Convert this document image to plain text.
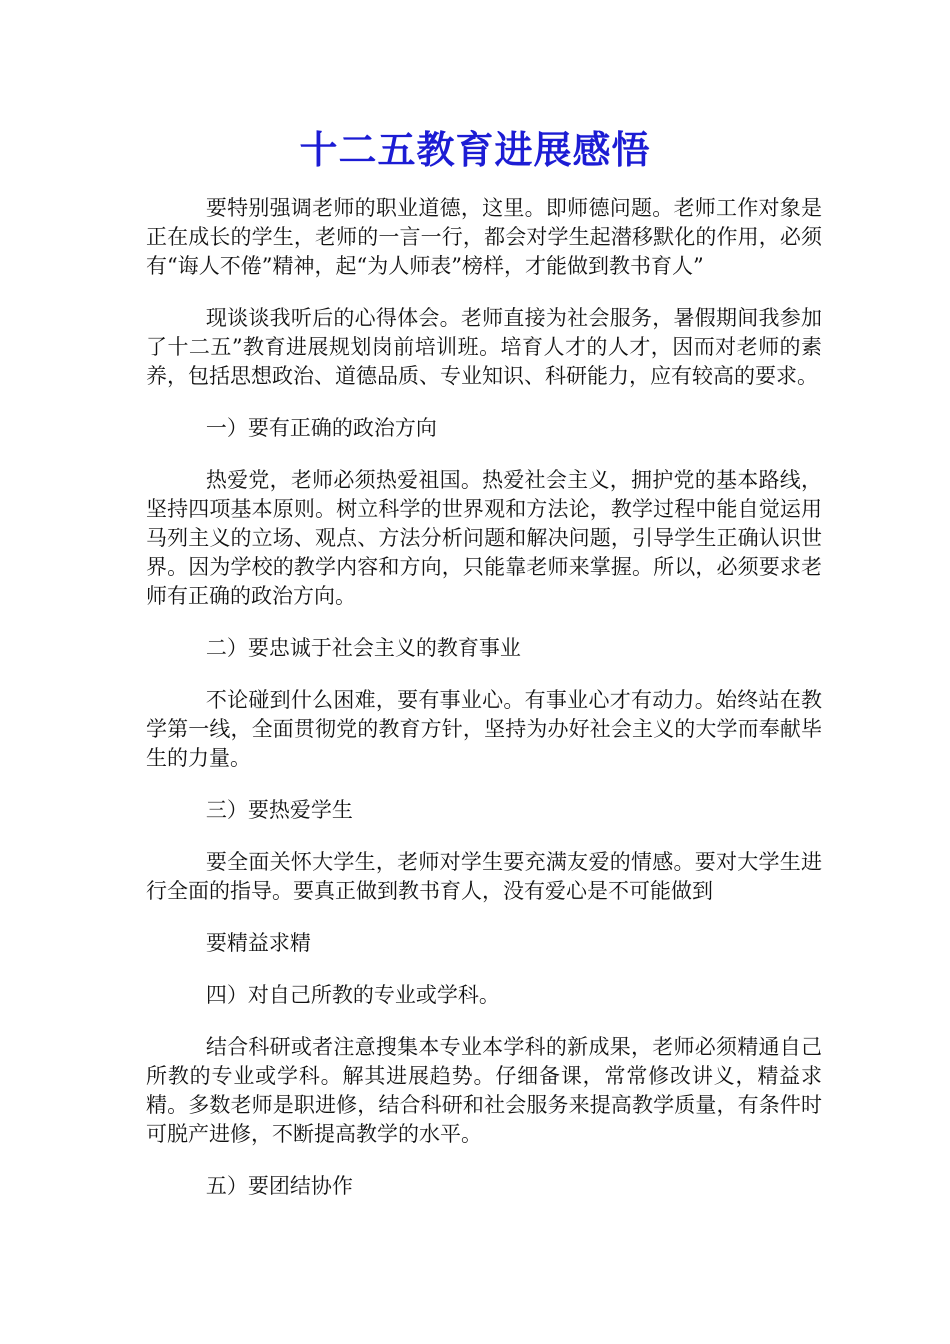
十二五教育进展感悟

要特别强调老师的职业道德，这里。即师德问题。老师工作对象是正在成长的学生，老师的一言一行，都会对学生起潜移默化的作用，必须有“诲人不倦”精神，起“为人师表”榜样，才能做到教书育人”

现谈谈我听后的心得体会。老师直接为社会服务，暑假期间我参加了十二五”教育进展规划岗前培训班。培育人才的人才，因而对老师的素养，包括思想政治、道德品质、专业知识、科研能力，应有较高的要求。

一）要有正确的政治方向

热爱党，老师必须热爱祖国。热爱社会主义，拥护党的基本路线，坚持四项基本原则。树立科学的世界观和方法论，教学过程中能自觉运用马列主义的立场、观点、方法分析问题和解决问题，引导学生正确认识世界。因为学校的教学内容和方向，只能靠老师来掌握。所以，必须要求老师有正确的政治方向。

二）要忠诚于社会主义的教育事业

不论碰到什么困难，要有事业心。有事业心才有动力。始终站在教学第一线，全面贯彻党的教育方针，坚持为办好社会主义的大学而奉献毕生的力量。

三）要热爱学生

要全面关怀大学生，老师对学生要充满友爱的情感。要对大学生进行全面的指导。要真正做到教书育人，没有爱心是不可能做到

要精益求精

四）对自己所教的专业或学科。

结合科研或者注意搜集本专业本学科的新成果，老师必须精通自己所教的专业或学科。解其进展趋势。仔细备课，常常修改讲义，精益求精。多数老师是职进修，结合科研和社会服务来提高教学质量，有条件时可脱产进修，不断提高教学的水平。

五）要团结协作
